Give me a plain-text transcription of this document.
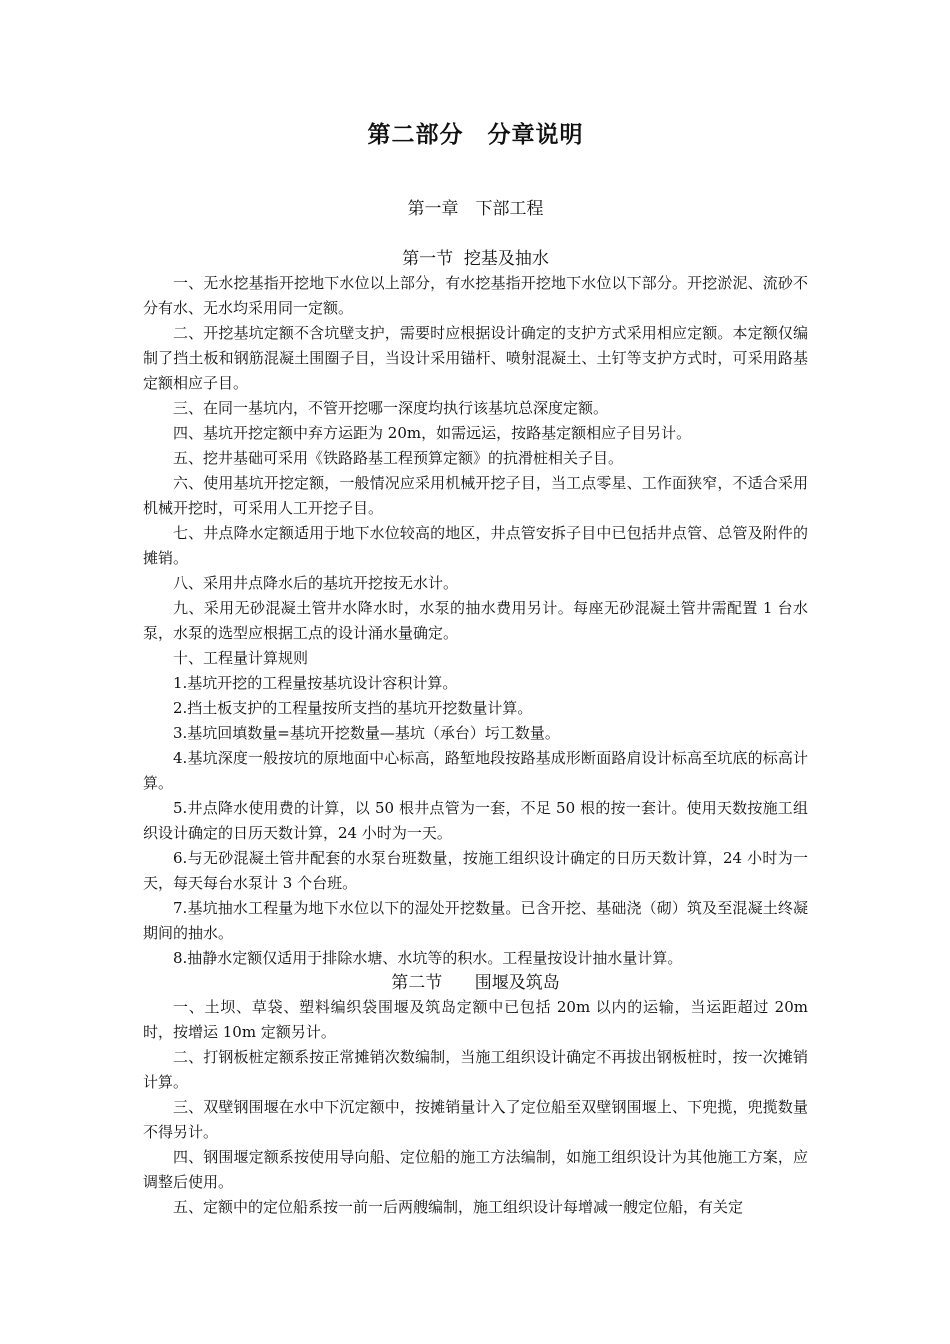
第二部分　分章说明
第一章　下部工程
第一节  挖基及抽水

一、无水挖基指开挖地下水位以上部分，有水挖基指开挖地下水位以下部分。开挖淤泥、流砂不分有水、无水均采用同一定额。

二、开挖基坑定额不含坑壁支护，需要时应根据设计确定的支护方式采用相应定额。本定额仅编制了挡土板和钢筋混凝土围圈子目，当设计采用锚杆、喷射混凝土、土钉等支护方式时，可采用路基定额相应子目。

三、在同一基坑内，不管开挖哪一深度均执行该基坑总深度定额。

四、基坑开挖定额中弃方运距为 20m，如需远运，按路基定额相应子目另计。

五、挖井基础可采用《铁路路基工程预算定额》的抗滑桩相关子目。

六、使用基坑开挖定额，一般情况应采用机械开挖子目，当工点零星、工作面狭窄，不适合采用机械开挖时，可采用人工开挖子目。

七、井点降水定额适用于地下水位较高的地区，井点管安拆子目中已包括井点管、总管及附件的摊销。

八、采用井点降水后的基坑开挖按无水计。

九、采用无砂混凝土管井水降水时，水泵的抽水费用另计。每座无砂混凝土管井需配置 1 台水泵，水泵的选型应根据工点的设计涌水量确定。

十、工程量计算规则

1.基坑开挖的工程量按基坑设计容积计算。

2.挡土板支护的工程量按所支挡的基坑开挖数量计算。

3.基坑回填数量=基坑开挖数量—基坑（承台）圬工数量。

4.基坑深度一般按坑的原地面中心标高，路堑地段按路基成形断面路肩设计标高至坑底的标高计算。

5.井点降水使用费的计算，以 50 根井点管为一套，不足 50 根的按一套计。使用天数按施工组织设计确定的日历天数计算，24 小时为一天。

6.与无砂混凝土管井配套的水泵台班数量，按施工组织设计确定的日历天数计算，24 小时为一天，每天每台水泵计 3 个台班。

7.基坑抽水工程量为地下水位以下的湿处开挖数量。已含开挖、基础浇（砌）筑及至混凝土终凝期间的抽水。

8.抽静水定额仅适用于排除水塘、水坑等的积水。工程量按设计抽水量计算。

第二节      围堰及筑岛

一、土坝、草袋、塑料编织袋围堰及筑岛定额中已包括 20m 以内的运输，当运距超过 20m 时，按增运 10m 定额另计。

二、打钢板桩定额系按正常摊销次数编制，当施工组织设计确定不再拔出钢板桩时，按一次摊销计算。

三、双壁钢围堰在水中下沉定额中，按摊销量计入了定位船至双壁钢围堰上、下兜揽，兜揽数量不得另计。

四、钢围堰定额系按使用导向船、定位船的施工方法编制，如施工组织设计为其他施工方案，应调整后使用。

五、定额中的定位船系按一前一后两艘编制，施工组织设计每增减一艘定位船，有关定
